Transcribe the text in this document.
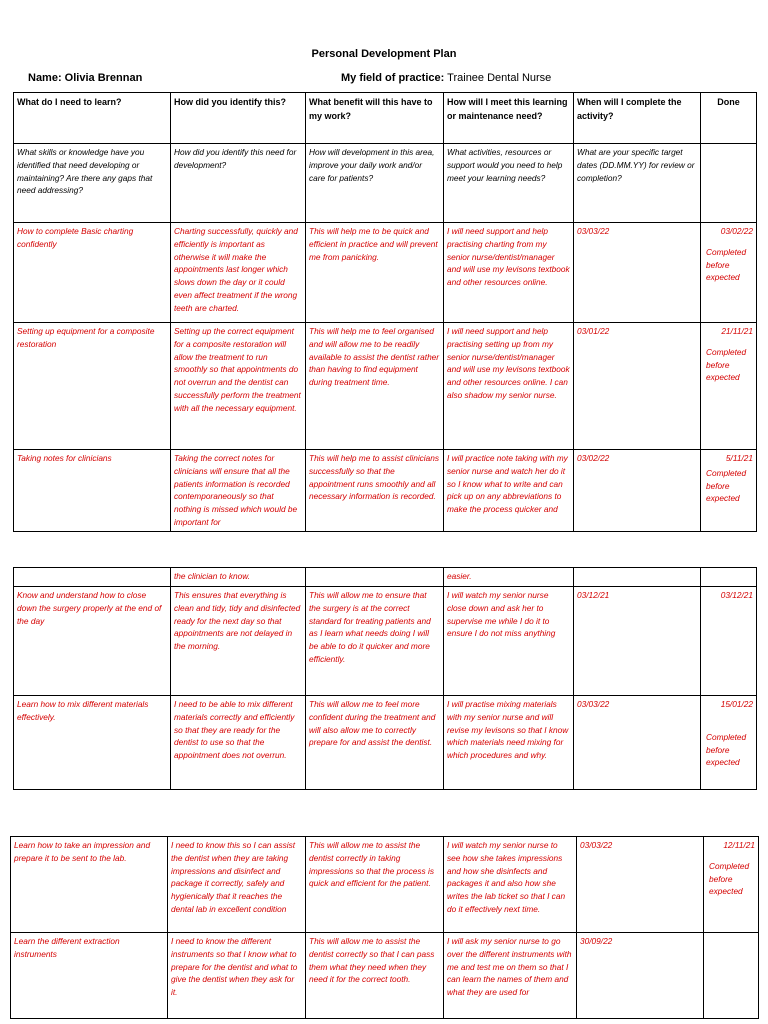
Personal Development Plan
Name: Olivia Brennan	My field of practice: Trainee Dental Nurse
What do I need to learn?	How did you identify this?	What benefit will this have to my work?	How will I meet this learning or maintenance need?	When will I complete the activity?	Done
What skills or knowledge have you identified that need developing or maintaining? Are there any gaps that need addressing?	How did you identify this need for development?	How will development in this area, improve your daily work and/or care for patients?	What activities, resources or support would you need to help meet your learning needs?	What are your specific target dates (DD.MM.YY) for review or completion?	
How to complete Basic charting confidently	Charting successfully, quickly and efficiently is important as otherwise it will make the appointments last longer which slows down the day or it could even affect treatment if the wrong teeth are charted.	This will help me to be quick and efficient in practice and will prevent me from panicking.	I will need support and help practising charting from my senior nurse/dentist/manager and will use my levisons textbook and other resources online.	03/03/22	03/02/22
Completed before expected

Setting up equipment for a composite restoration	Setting up the correct equipment for a composite restoration will allow the treatment to run smoothly so that appointments do not overrun and the dentist can successfully perform the treatment with all the necessary equipment.	This will help me to feel organised and will allow me to be readily available to assist the dentist rather than having to find equipment during treatment time.	I will need support and help practising setting up from my senior nurse/dentist/manager and will use my levisons textbook and other resources online. I can also shadow my senior nurse.	03/01/22	21/11/21
Completed before expected

Taking notes for clinicians	Taking the correct notes for clinicians will ensure that all the patients information is recorded contemporaneously so that nothing is missed which would be important for	This will help me to assist clinicians successfully so that the appointment runs smoothly and all necessary information is recorded.	I will practice note taking with my senior nurse and watch her do it so I know what to write and can pick up on any abbreviations to make the process quicker and	03/02/22	5/11/21
Completed before expected
	the clinician to know.		easier.		
Know and understand how to close down the surgery properly at the end of the day	This ensures that everything is clean and tidy, tidy and disinfected ready for the next day so that appointments are not delayed in the morning.	This will allow me to ensure that the surgery is at the correct standard for treating patients and as I learn what needs doing I will be able to do it quicker and more efficiently.	I will watch my senior nurse close down and ask her to supervise me while I do it to ensure I do not miss anything	03/12/21	03/12/21

Learn how to mix different materials effectively.	I need to be able to mix different materials correctly and efficiently so that they are ready for the dentist to use so that the appointment does not overrun.	This will allow me to feel more confident during the treatment and will also allow me to correctly prepare for and assist the dentist.	I will practise mixing materials with my senior nurse and will revise my levisons so that I know which materials need mixing for which procedures and why.	03/03/22	15/01/22
Completed before expected
Learn how to take an impression and prepare it to be sent to the lab.	I need to know this so I can assist the dentist when they are taking impressions and disinfect and package it correctly, safely and hygienically that it reaches the dental lab in excellent condition	This will allow me to assist the dentist correctly in taking impressions so that the process is quick and efficient for the patient.	I will watch my senior nurse to see how she takes impressions and how she disinfects and packages it and also how she writes the lab ticket so that I can do it effectively next time.	03/03/22	12/11/21
Completed before expected

Learn the different extraction instruments	I need to know the different instruments so that I know what to prepare for the dentist and what to give the dentist when they ask for it.	This will allow me to assist the dentist correctly so that I can pass them what they need when they need it for the correct tooth.	I will ask my senior nurse to go over the different instruments with me and test me on them so that I can learn the names of them and what they are used for	30/09/22	
